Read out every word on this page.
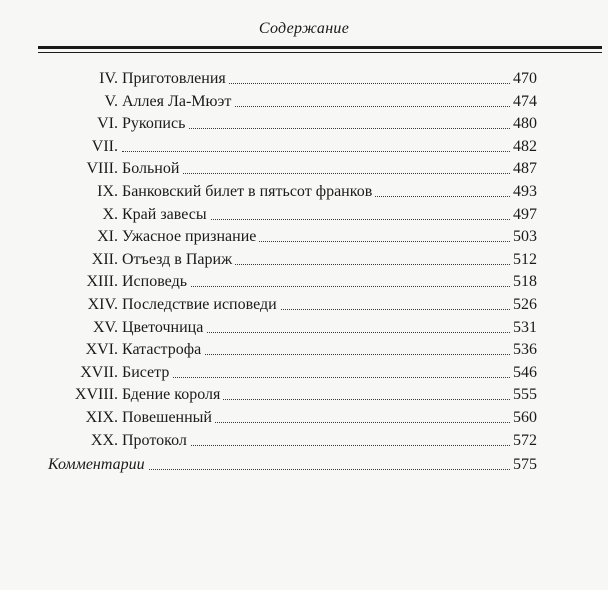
Содержание
IV. Приготовления	470
V. Аллея Ла-Мюэт	474
VI. Рукопись	480
VII.	482
VIII. Больной	487
IX. Банковский билет в пятьсот франков	493
X. Край завесы	497
XI. Ужасное признание	503
XII. Отъезд в Париж	512
XIII. Исповедь	518
XIV. Последствие исповеди	526
XV. Цветочница	531
XVI. Катастрофа	536
XVII. Бисетр	546
XVIII. Бдение короля	555
XIX. Повешенный	560
XX. Протокол	572
Комментарии	575
